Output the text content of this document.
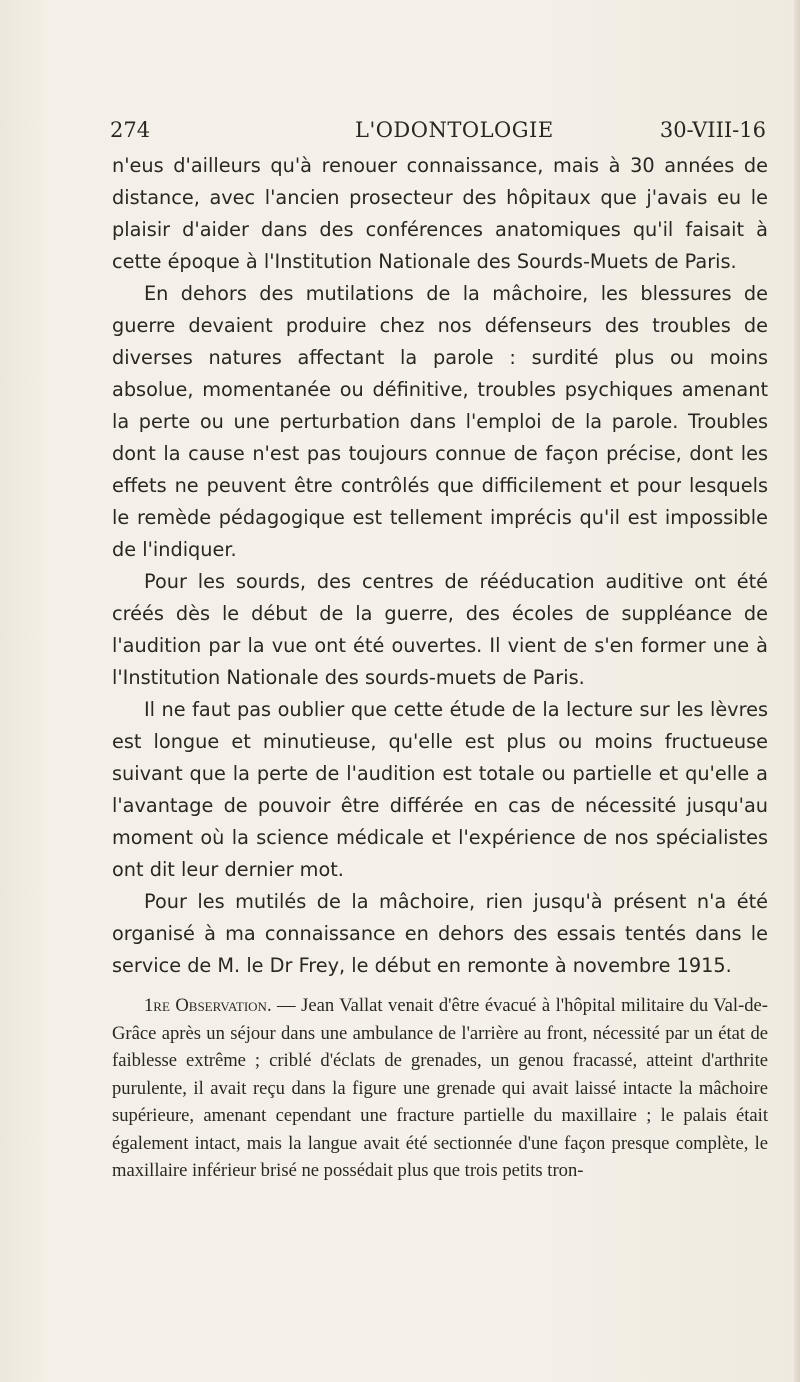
274	L'ODONTOLOGIE	30-VIII-16

n'eus d'ailleurs qu'à renouer connaissance, mais à 30 années de distance, avec l'ancien prosecteur des hôpitaux que j'avais eu le plaisir d'aider dans des conférences anatomiques qu'il faisait à cette époque à l'Institution Nationale des Sourds-Muets de Paris.

En dehors des mutilations de la mâchoire, les blessures de guerre devaient produire chez nos défenseurs des troubles de diverses natures affectant la parole : surdité plus ou moins absolue, momentanée ou définitive, troubles psychiques amenant la perte ou une perturbation dans l'emploi de la parole. Troubles dont la cause n'est pas toujours connue de façon précise, dont les effets ne peuvent être contrôlés que difficilement et pour lesquels le remède pédagogique est tellement imprécis qu'il est impossible de l'indiquer.

Pour les sourds, des centres de rééducation auditive ont été créés dès le début de la guerre, des écoles de suppléance de l'audition par la vue ont été ouvertes. Il vient de s'en former une à l'Institution Nationale des sourds-muets de Paris.

Il ne faut pas oublier que cette étude de la lecture sur les lèvres est longue et minutieuse, qu'elle est plus ou moins fructueuse suivant que la perte de l'audition est totale ou partielle et qu'elle a l'avantage de pouvoir être différée en cas de nécessité jusqu'au moment où la science médicale et l'expérience de nos spécialistes ont dit leur dernier mot.

Pour les mutilés de la mâchoire, rien jusqu'à présent n'a été organisé à ma connaissance en dehors des essais tentés dans le service de M. le Dr Frey, le début en remonte à novembre 1915.

1re Observation. — Jean Vallat venait d'être évacué à l'hôpital militaire du Val-de-Grâce après un séjour dans une ambulance de l'arrière au front, nécessité par un état de faiblesse extrême ; criblé d'éclats de grenades, un genou fracassé, atteint d'arthrite purulente, il avait reçu dans la figure une grenade qui avait laissé intacte la mâchoire supérieure, amenant cependant une fracture partielle du maxillaire ; le palais était également intact, mais la langue avait été sectionnée d'une façon presque complète, le maxillaire inférieur brisé ne possédait plus que trois petits tron-
